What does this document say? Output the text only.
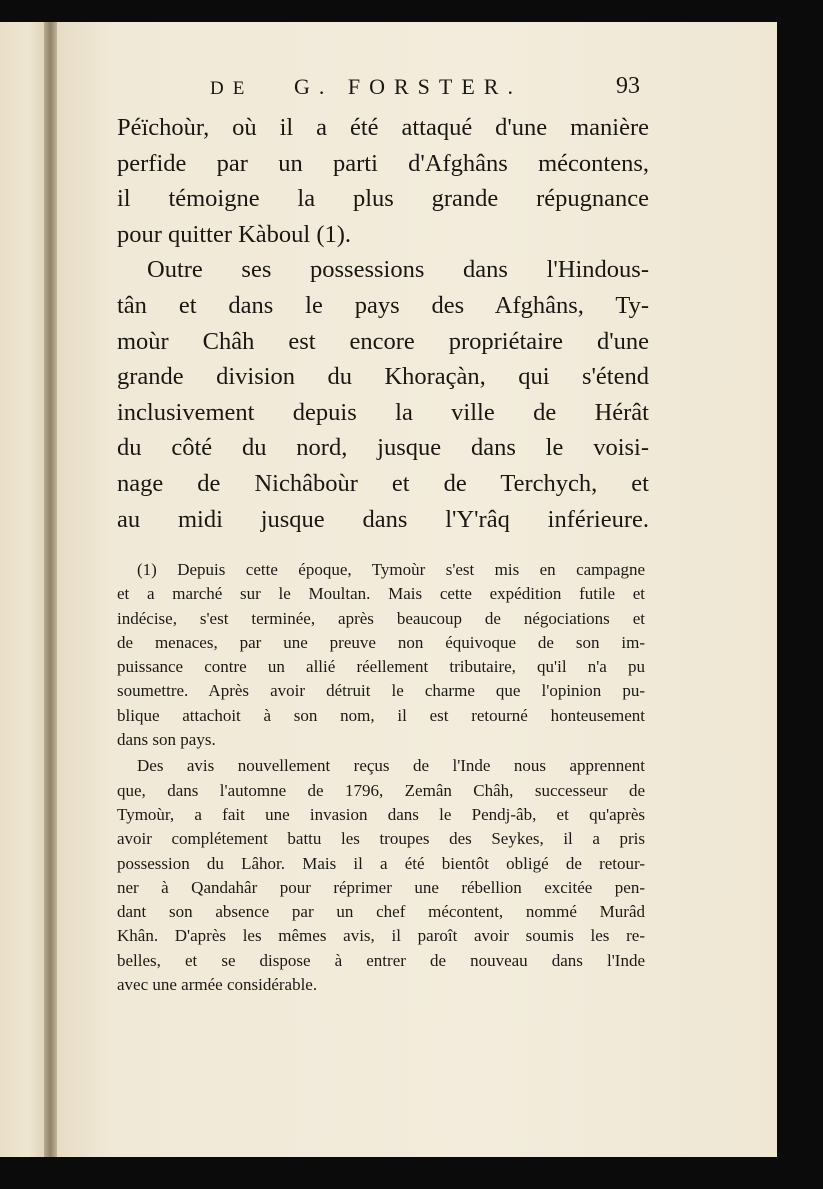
DE G. FORSTER.	93
Péïchoùr, où il a été attaqué d'une manière
perfide par un parti d'Afghâns mécontens,
il témoigne la plus grande répugnance
pour quitter Kàboul (1).
Outre ses possessions dans l'Hindous-
tân et dans le pays des Afghâns, Ty-
moùr Châh est encore propriétaire d'une
grande division du Khoraçàn, qui s'étend
inclusivement depuis la ville de Hérât
du côté du nord, jusque dans le voisi-
nage de Nichâboùr et de Terchych, et
au midi jusque dans l'Y'râq inférieure.
(1) Depuis cette époque, Tymoùr s'est mis en campagne
et a marché sur le Moultan. Mais cette expédition futile et
indécise, s'est terminée, après beaucoup de négociations et
de menaces, par une preuve non équivoque de son im-
puissance contre un allié réellement tributaire, qu'il n'a pu
soumettre. Après avoir détruit le charme que l'opinion pu-
blique attachoit à son nom, il est retourné honteusement
dans son pays.
Des avis nouvellement reçus de l'Inde nous apprennent
que, dans l'automne de 1796, Zemân Châh, successeur de
Tymoùr, a fait une invasion dans le Pendj-âb, et qu'après
avoir complétement battu les troupes des Seykes, il a pris
possession du Lâhor. Mais il a été bientôt obligé de retour-
ner à Qandahâr pour réprimer une rébellion excitée pen-
dant son absence par un chef mécontent, nommé Murâd
Khân. D'après les mêmes avis, il paroît avoir soumis les re-
belles, et se dispose à entrer de nouveau dans l'Inde
avec une armée considérable.
